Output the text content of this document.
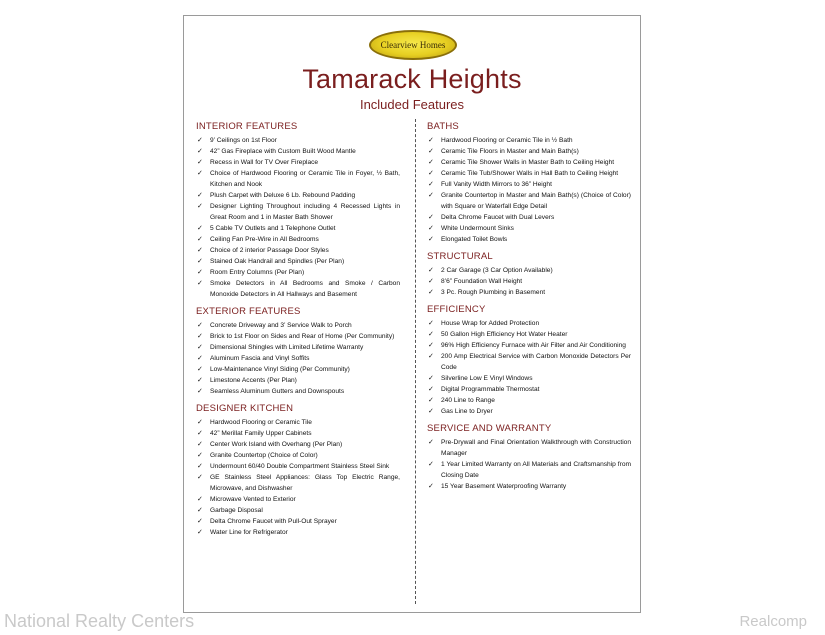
Clearview Homes
Tamarack Heights
Included Features
INTERIOR FEATURES
✓ 9’ Ceilings on 1st Floor
✓ 42” Gas Fireplace with Custom Built Wood Mantle
✓ Recess in Wall for TV Over Fireplace
✓ Choice of Hardwood Flooring or Ceramic Tile in Foyer, ½ Bath, Kitchen and Nook
✓ Plush Carpet with Deluxe 6 Lb. Rebound Padding
✓ Designer Lighting Throughout including 4 Recessed Lights in Great Room and 1 in Master Bath Shower
✓ 5 Cable TV Outlets and 1 Telephone Outlet
✓ Ceiling Fan Pre-Wire in All Bedrooms
✓ Choice of 2 interior Passage Door Styles
✓ Stained Oak Handrail and Spindles (Per Plan)
✓ Room Entry Columns (Per Plan)
✓ Smoke Detectors in All Bedrooms and Smoke / Carbon Monoxide Detectors in All Hallways and Basement
EXTERIOR FEATURES
✓ Concrete Driveway and 3’ Service Walk to Porch
✓ Brick to 1st Floor on Sides and Rear of Home (Per Community)
✓ Dimensional Shingles with Limited Lifetime Warranty
✓ Aluminum Fascia and Vinyl Soffits
✓ Low-Maintenance Vinyl Siding (Per Community)
✓ Limestone Accents (Per Plan)
✓ Seamless Aluminum Gutters and Downspouts
DESIGNER KITCHEN
✓ Hardwood Flooring or Ceramic Tile
✓ 42” Merillat Family Upper Cabinets
✓ Center Work Island with Overhang (Per Plan)
✓ Granite Countertop (Choice of Color)
✓ Undermount 60/40 Double Compartment Stainless Steel Sink
✓ GE Stainless Steel Appliances: Glass Top Electric Range, Microwave, and Dishwasher
✓ Microwave Vented to Exterior
✓ Garbage Disposal
✓ Delta Chrome Faucet with Pull-Out Sprayer
✓ Water Line for Refrigerator
BATHS
✓ Hardwood Flooring or Ceramic Tile in ½ Bath
✓ Ceramic Tile Floors in Master and Main Bath(s)
✓ Ceramic Tile Shower Walls in Master Bath to Ceiling Height
✓ Ceramic Tile Tub/Shower Walls in Hall Bath to Ceiling Height
✓ Full Vanity Width Mirrors to 36” Height
✓ Granite Countertop in Master and Main Bath(s) (Choice of Color) with Square or Waterfall Edge Detail
✓ Delta Chrome Faucet with Dual Levers
✓ White Undermount Sinks
✓ Elongated Toilet Bowls
STRUCTURAL
✓ 2 Car Garage (3 Car Option Available)
✓ 8’6” Foundation Wall Height
✓ 3 Pc. Rough Plumbing in Basement
EFFICIENCY
✓ House Wrap for Added Protection
✓ 50 Gallon High Efficiency Hot Water Heater
✓ 96% High Efficiency Furnace with Air Filter and Air Conditioning
✓ 200 Amp Electrical Service with Carbon Monoxide Detectors Per Code
✓ Silverline Low E Vinyl Windows
✓ Digital Programmable Thermostat
✓ 240 Line to Range
✓ Gas Line to Dryer
SERVICE AND WARRANTY
✓ Pre-Drywall and Final Orientation Walkthrough with Construction Manager
✓ 1 Year Limited Warranty on All Materials and Craftsmanship from Closing Date
✓ 15 Year Basement Waterproofing Warranty
National Realty Centers	Realcomp
